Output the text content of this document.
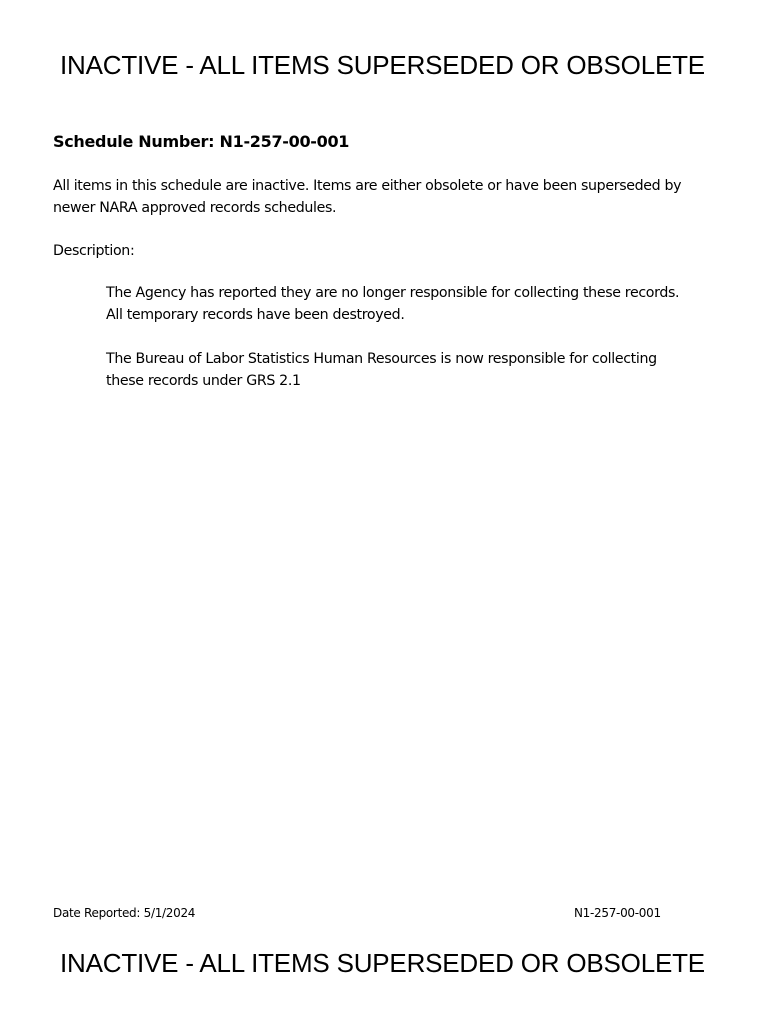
INACTIVE - ALL ITEMS SUPERSEDED OR OBSOLETE

Schedule Number: N1-257-00-001

All items in this schedule are inactive. Items are either obsolete or have been superseded by
newer NARA approved records schedules.

Description:

The Agency has reported they are no longer responsible for collecting these records.
All temporary records have been destroyed.

The Bureau of Labor Statistics Human Resources is now responsible for collecting
these records under GRS 2.1

Date Reported: 5/1/2024	N1-257-00-001
INACTIVE - ALL ITEMS SUPERSEDED OR OBSOLETE
